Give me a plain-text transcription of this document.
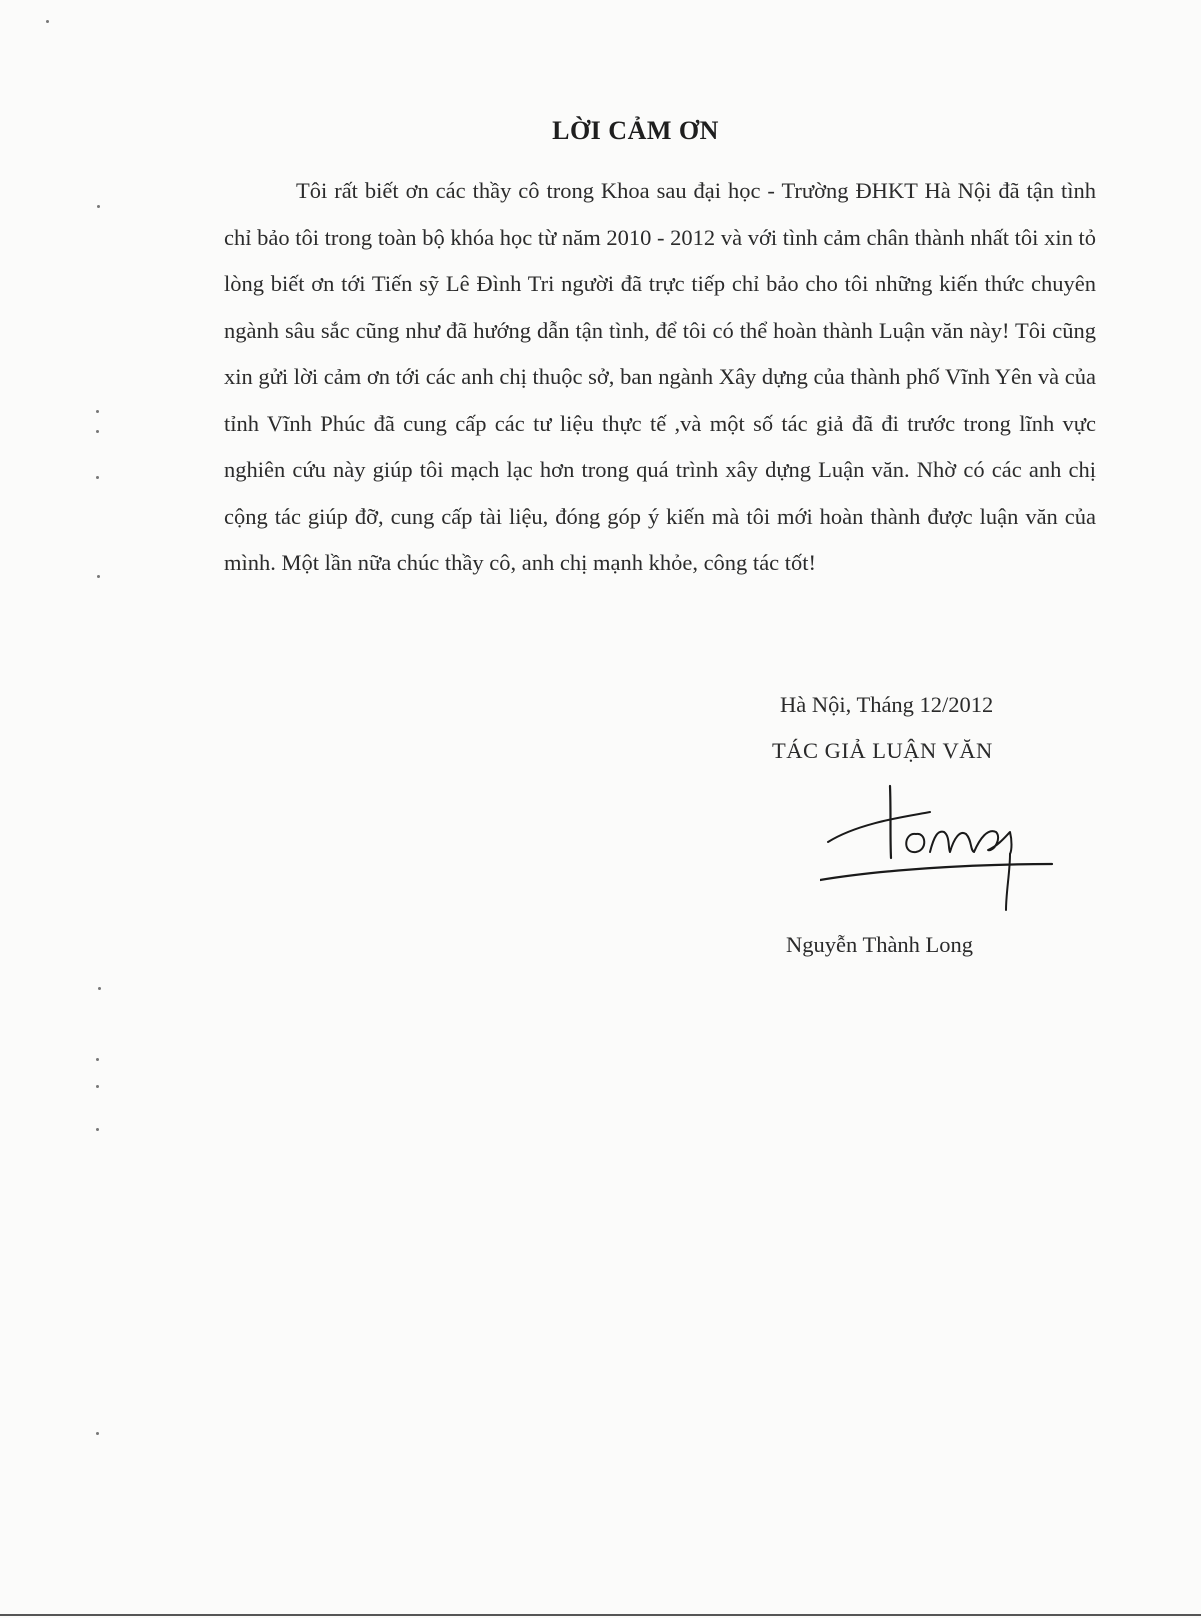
LỜI CẢM ƠN
Tôi rất biết ơn các thầy cô trong Khoa sau đại học - Trường ĐHKT Hà Nội đã tận tình chỉ bảo tôi trong toàn bộ khóa học từ năm 2010 - 2012 và với tình cảm chân thành nhất tôi xin tỏ lòng biết ơn tới Tiến sỹ Lê Đình Tri người đã trực tiếp chỉ bảo cho tôi những kiến thức chuyên ngành sâu sắc cũng như đã hướng dẫn tận tình, để tôi có thể hoàn thành Luận văn này! Tôi cũng xin gửi lời cảm ơn tới các anh chị thuộc sở, ban ngành Xây dựng của thành phố Vĩnh Yên và của tỉnh Vĩnh Phúc đã cung cấp các tư liệu thực tế ,và một số tác giả đã đi trước trong lĩnh vực nghiên cứu này giúp tôi mạch lạc hơn trong quá trình xây dựng Luận văn. Nhờ có các anh chị cộng tác giúp đỡ, cung cấp tài liệu, đóng góp ý kiến mà tôi mới hoàn thành được luận văn của mình. Một lần nữa chúc thầy cô, anh chị mạnh khỏe, công tác tốt!
Hà Nội, Tháng 12/2012
TÁC GIẢ LUẬN VĂN
Nguyễn Thành Long
